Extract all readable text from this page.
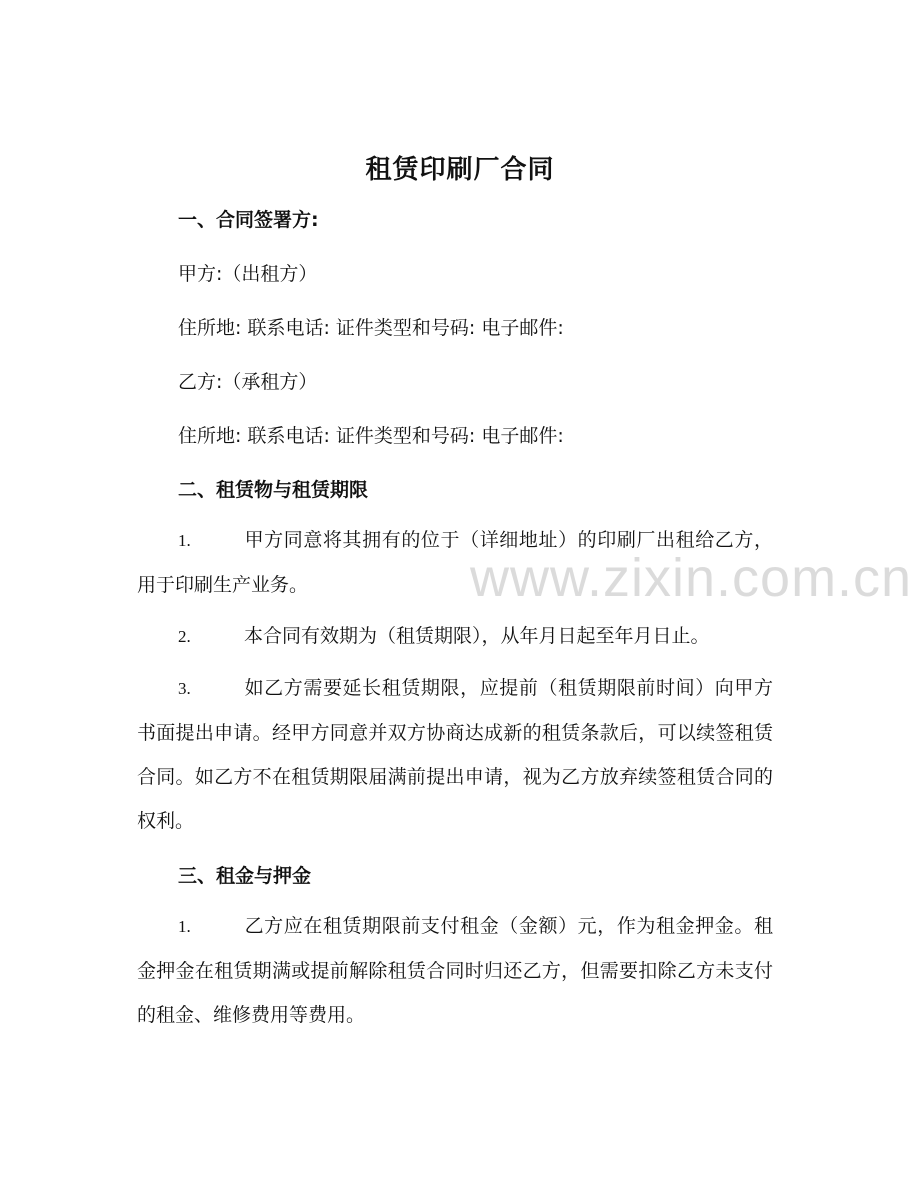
www.zixin.com.cn
租赁印刷厂合同
一、合同签署方:
甲方:（出租方）
住所地: 联系电话: 证件类型和号码: 电子邮件:
乙方:（承租方）
住所地: 联系电话: 证件类型和号码: 电子邮件:
二、租赁物与租赁期限
1.	甲方同意将其拥有的位于（详细地址）的印刷厂出租给乙方，用于印刷生产业务。
2.	本合同有效期为（租赁期限），从年月日起至年月日止。
3.	如乙方需要延长租赁期限，应提前（租赁期限前时间）向甲方书面提出申请。经甲方同意并双方协商达成新的租赁条款后，可以续签租赁合同。如乙方不在租赁期限届满前提出申请，视为乙方放弃续签租赁合同的权利。
三、租金与押金
1.	乙方应在租赁期限前支付租金（金额）元，作为租金押金。租金押金在租赁期满或提前解除租赁合同时归还乙方，但需要扣除乙方未支付的租金、维修费用等费用。
